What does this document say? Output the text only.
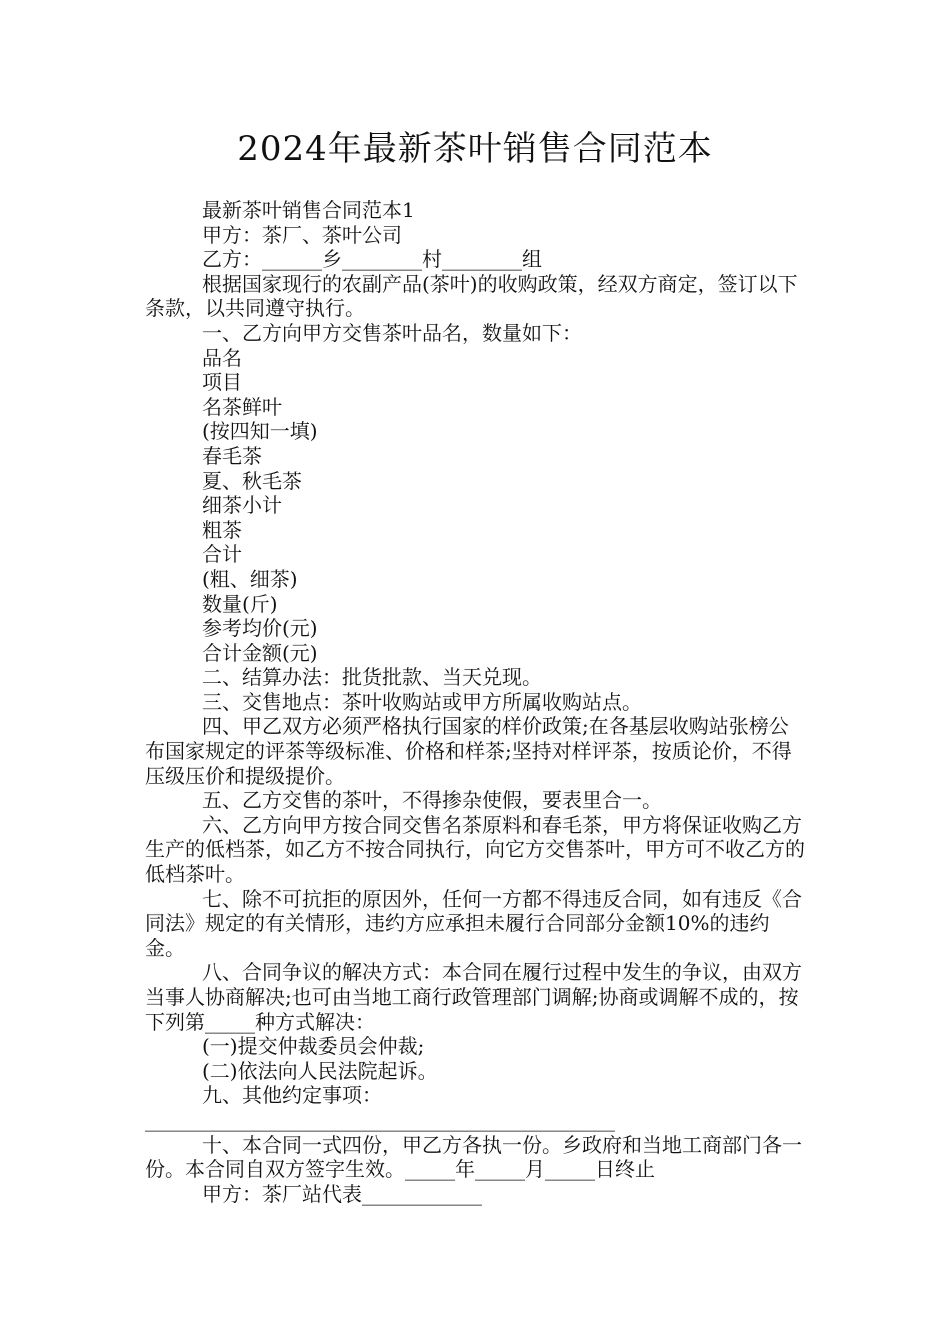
2024年最新茶叶销售合同范本

最新茶叶销售合同范本1

甲方：茶厂、茶叶公司

乙方：______乡________村________组

根据国家现行的农副产品(茶叶)的收购政策，经双方商定，签订以下条款，以共同遵守执行。

一、乙方向甲方交售茶叶品名，数量如下：

品名

项目

名茶鲜叶

(按四知一填)

春毛茶

夏、秋毛茶

细茶小计

粗茶

合计

(粗、细茶)

数量(斤)

参考均价(元)

合计金额(元)

二、结算办法：批货批款、当天兑现。

三、交售地点：茶叶收购站或甲方所属收购站点。

四、甲乙双方必须严格执行国家的样价政策;在各基层收购站张榜公布国家规定的评茶等级标准、价格和样茶;坚持对样评茶，按质论价，不得压级压价和提级提价。

五、乙方交售的茶叶，不得掺杂使假，要表里合一。

六、乙方向甲方按合同交售名茶原料和春毛茶，甲方将保证收购乙方生产的低档茶，如乙方不按合同执行，向它方交售茶叶，甲方可不收乙方的低档茶叶。

七、除不可抗拒的原因外，任何一方都不得违反合同，如有违反《合同法》规定的有关情形，违约方应承担未履行合同部分金额10%的违约金。

八、合同争议的解决方式：本合同在履行过程中发生的争议，由双方当事人协商解决;也可由当地工商行政管理部门调解;协商或调解不成的，按下列第_____种方式解决：

(一)提交仲裁委员会仲裁;

(二)依法向人民法院起诉。

九、其他约定事项：_______________________________________________

十、本合同一式四份，甲乙方各执一份。乡政府和当地工商部门各一份。本合同自双方签字生效。_____年_____月_____日终止

甲方：茶厂站代表____________
